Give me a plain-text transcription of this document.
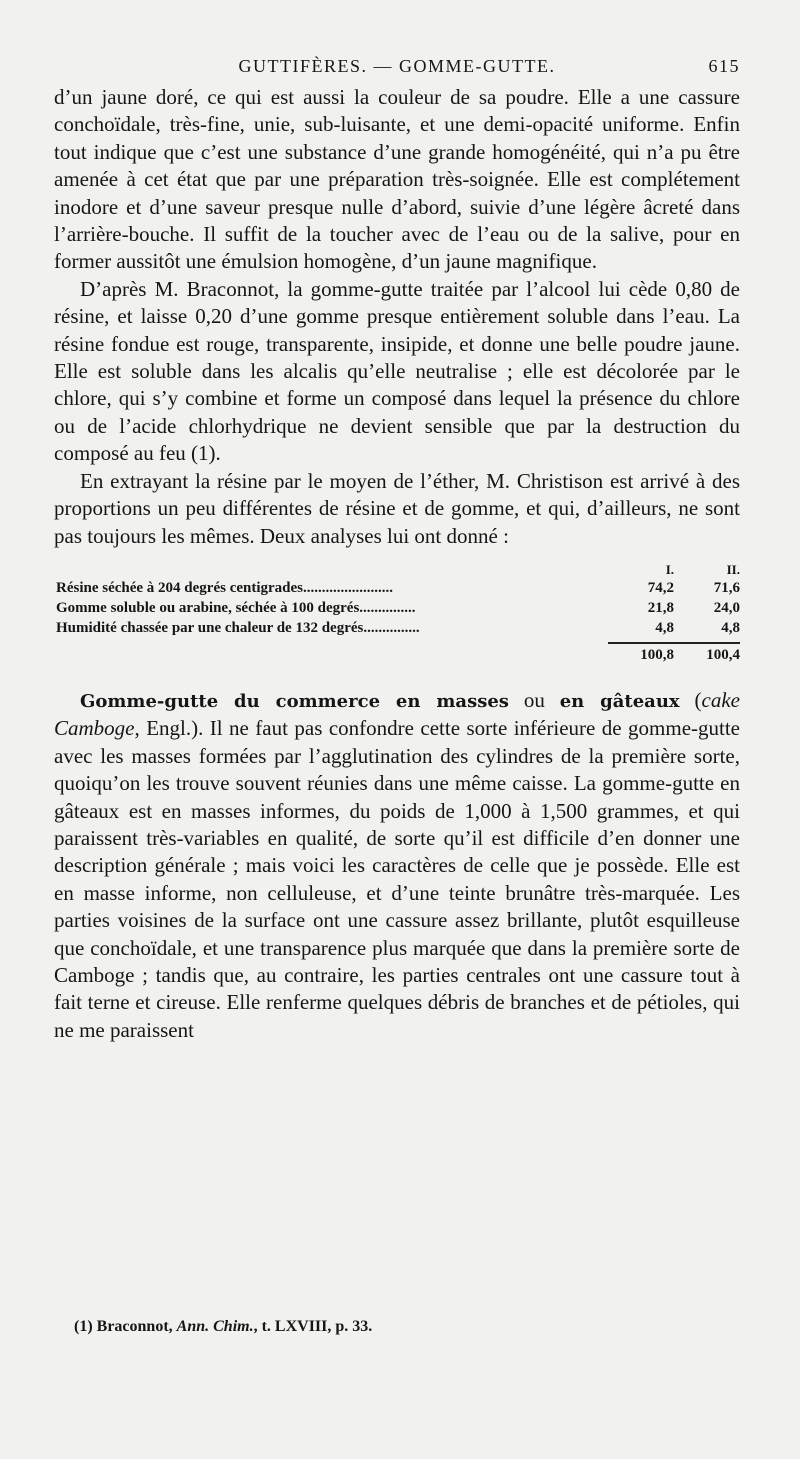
GUTTIFÈRES. — GOMME-GUTTE.	615

d’un jaune doré, ce qui est aussi la couleur de sa poudre. Elle a une cassure conchoïdale, très-fine, unie, sub-luisante, et une demi-opacité uniforme. Enfin tout indique que c’est une substance d’une grande homogénéité, qui n’a pu être amenée à cet état que par une préparation très-soignée. Elle est complétement inodore et d’une saveur presque nulle d’abord, suivie d’une légère âcreté dans l’arrière-bouche. Il suffit de la toucher avec de l’eau ou de la salive, pour en former aussitôt une émulsion homogène, d’un jaune magnifique.

D’après M. Braconnot, la gomme-gutte traitée par l’alcool lui cède 0,80 de résine, et laisse 0,20 d’une gomme presque entièrement soluble dans l’eau. La résine fondue est rouge, transparente, insipide, et donne une belle poudre jaune. Elle est soluble dans les alcalis qu’elle neutralise ; elle est décolorée par le chlore, qui s’y combine et forme un composé dans lequel la présence du chlore ou de l’acide chlorhydrique ne devient sensible que par la destruction du composé au feu (1).

En extrayant la résine par le moyen de l’éther, M. Christison est arrivé à des proportions un peu différentes de résine et de gomme, et qui, d’ailleurs, ne sont pas toujours les mêmes. Deux analyses lui ont donné :

I.	II.
Résine séchée à 204 degrés centigrades........................	74,2	71,6
Gomme soluble ou arabine, séchée à 100 degrés...............	21,8	24,0
Humidité chassée par une chaleur de 132 degrés...............	4,8	4,8
100,8	100,4

Gomme-gutte du commerce en masses ou en gâteaux (cake Camboge, Engl.). Il ne faut pas confondre cette sorte inférieure de gomme-gutte avec les masses formées par l’agglutination des cylindres de la première sorte, quoiqu’on les trouve souvent réunies dans une même caisse. La gomme-gutte en gâteaux est en masses informes, du poids de 1,000 à 1,500 grammes, et qui paraissent très-variables en qualité, de sorte qu’il est difficile d’en donner une description générale ; mais voici les caractères de celle que je possède. Elle est en masse informe, non celluleuse, et d’une teinte brunâtre très-marquée. Les parties voisines de la surface ont une cassure assez brillante, plutôt esquilleuse que conchoïdale, et une transparence plus marquée que dans la première sorte de Camboge ; tandis que, au contraire, les parties centrales ont une cassure tout à fait terne et cireuse. Elle renferme quelques débris de branches et de pétioles, qui ne me paraissent

(1) Braconnot, Ann. Chim., t. LXVIII, p. 33.
